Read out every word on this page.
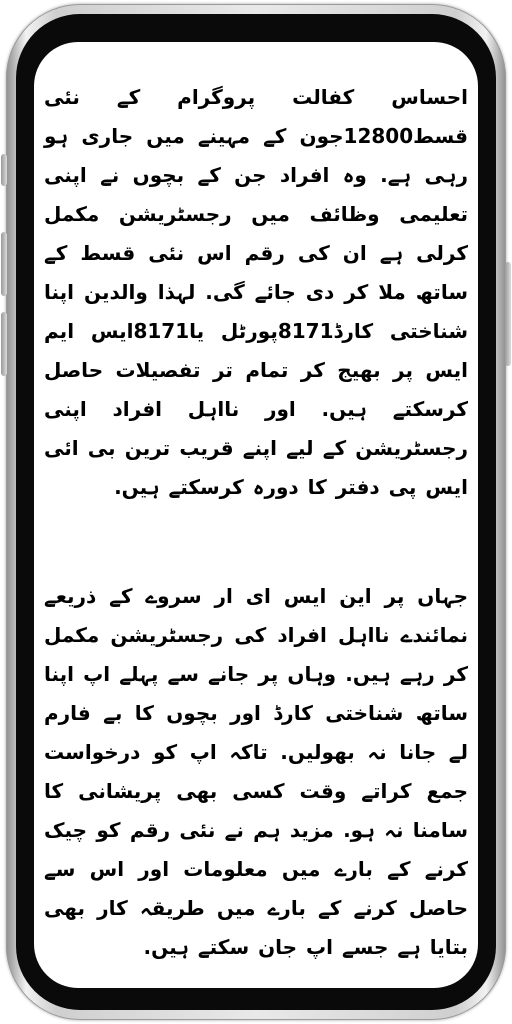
احساس کفالت پروگرام کے نئی قسط12800جون کے مہینے میں جاری ہو رہی ہے. وہ افراد جن کے بچوں نے اپنی تعلیمی وظائف میں رجسٹریشن مکمل کرلی ہے ان کی رقم اس نئی قسط کے ساتھ ملا کر دی جائے گی. لہذا والدین اپنا شناختی کارڈ8171پورٹل یا8171ایس ایم ایس پر بھیج کر تمام تر تفصیلات حاصل کرسکتے ہیں. اور نااہل افراد اپنی رجسٹریشن کے لیے اپنے قریب ترین بی ائی ایس پی دفتر کا دورہ کرسکتے ہیں.

جہاں پر این ایس ای ار سروے کے ذریعے نمائندے نااہل افراد کی رجسٹریشن مکمل کر رہے ہیں. وہاں پر جانے سے پہلے اپ اپنا ساتھ شناختی کارڈ اور بچوں کا بے فارم لے جانا نہ بھولیں. تاکہ اپ کو درخواست جمع کراتے وقت کسی بھی پریشانی کا سامنا نہ ہو. مزید ہم نے نئی رقم کو چیک کرنے کے بارے میں معلومات اور اس سے حاصل کرنے کے بارے میں طریقہ کار بھی بتایا ہے جسے اپ جان سکتے ہیں.
